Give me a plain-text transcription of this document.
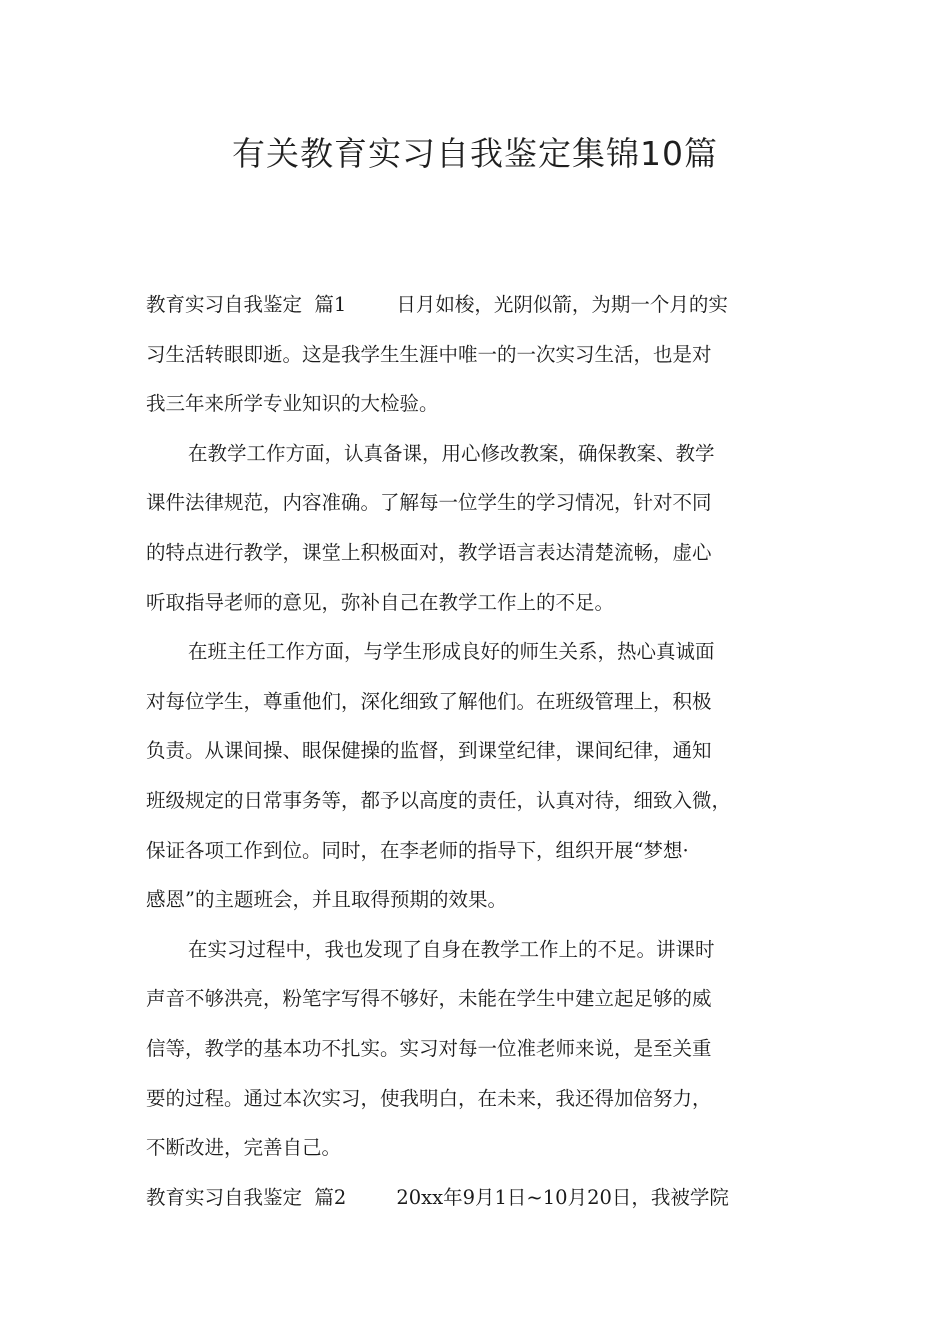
有关教育实习自我鉴定集锦10篇
教育实习自我鉴定  篇1	日月如梭，光阴似箭，为期一个月的实
习生活转眼即逝。这是我学生生涯中唯一的一次实习生活，也是对
我三年来所学专业知识的大检验。
在教学工作方面，认真备课，用心修改教案，确保教案、教学
课件法律规范，内容准确。了解每一位学生的学习情况，针对不同
的特点进行教学，课堂上积极面对，教学语言表达清楚流畅，虚心
听取指导老师的意见，弥补自己在教学工作上的不足。
在班主任工作方面，与学生形成良好的师生关系，热心真诚面
对每位学生，尊重他们，深化细致了解他们。在班级管理上，积极
负责。从课间操、眼保健操的监督，到课堂纪律，课间纪律，通知
班级规定的日常事务等，都予以高度的责任，认真对待，细致入微，
保证各项工作到位。同时，在李老师的指导下，组织开展“梦想·
感恩”的主题班会，并且取得预期的效果。
在实习过程中，我也发现了自身在教学工作上的不足。讲课时
声音不够洪亮，粉笔字写得不够好，未能在学生中建立起足够的威
信等，教学的基本功不扎实。实习对每一位准老师来说，是至关重
要的过程。通过本次实习，使我明白，在未来，我还得加倍努力，
不断改进，完善自己。
教育实习自我鉴定  篇2	20xx年9月1日~10月20日，我被学院
